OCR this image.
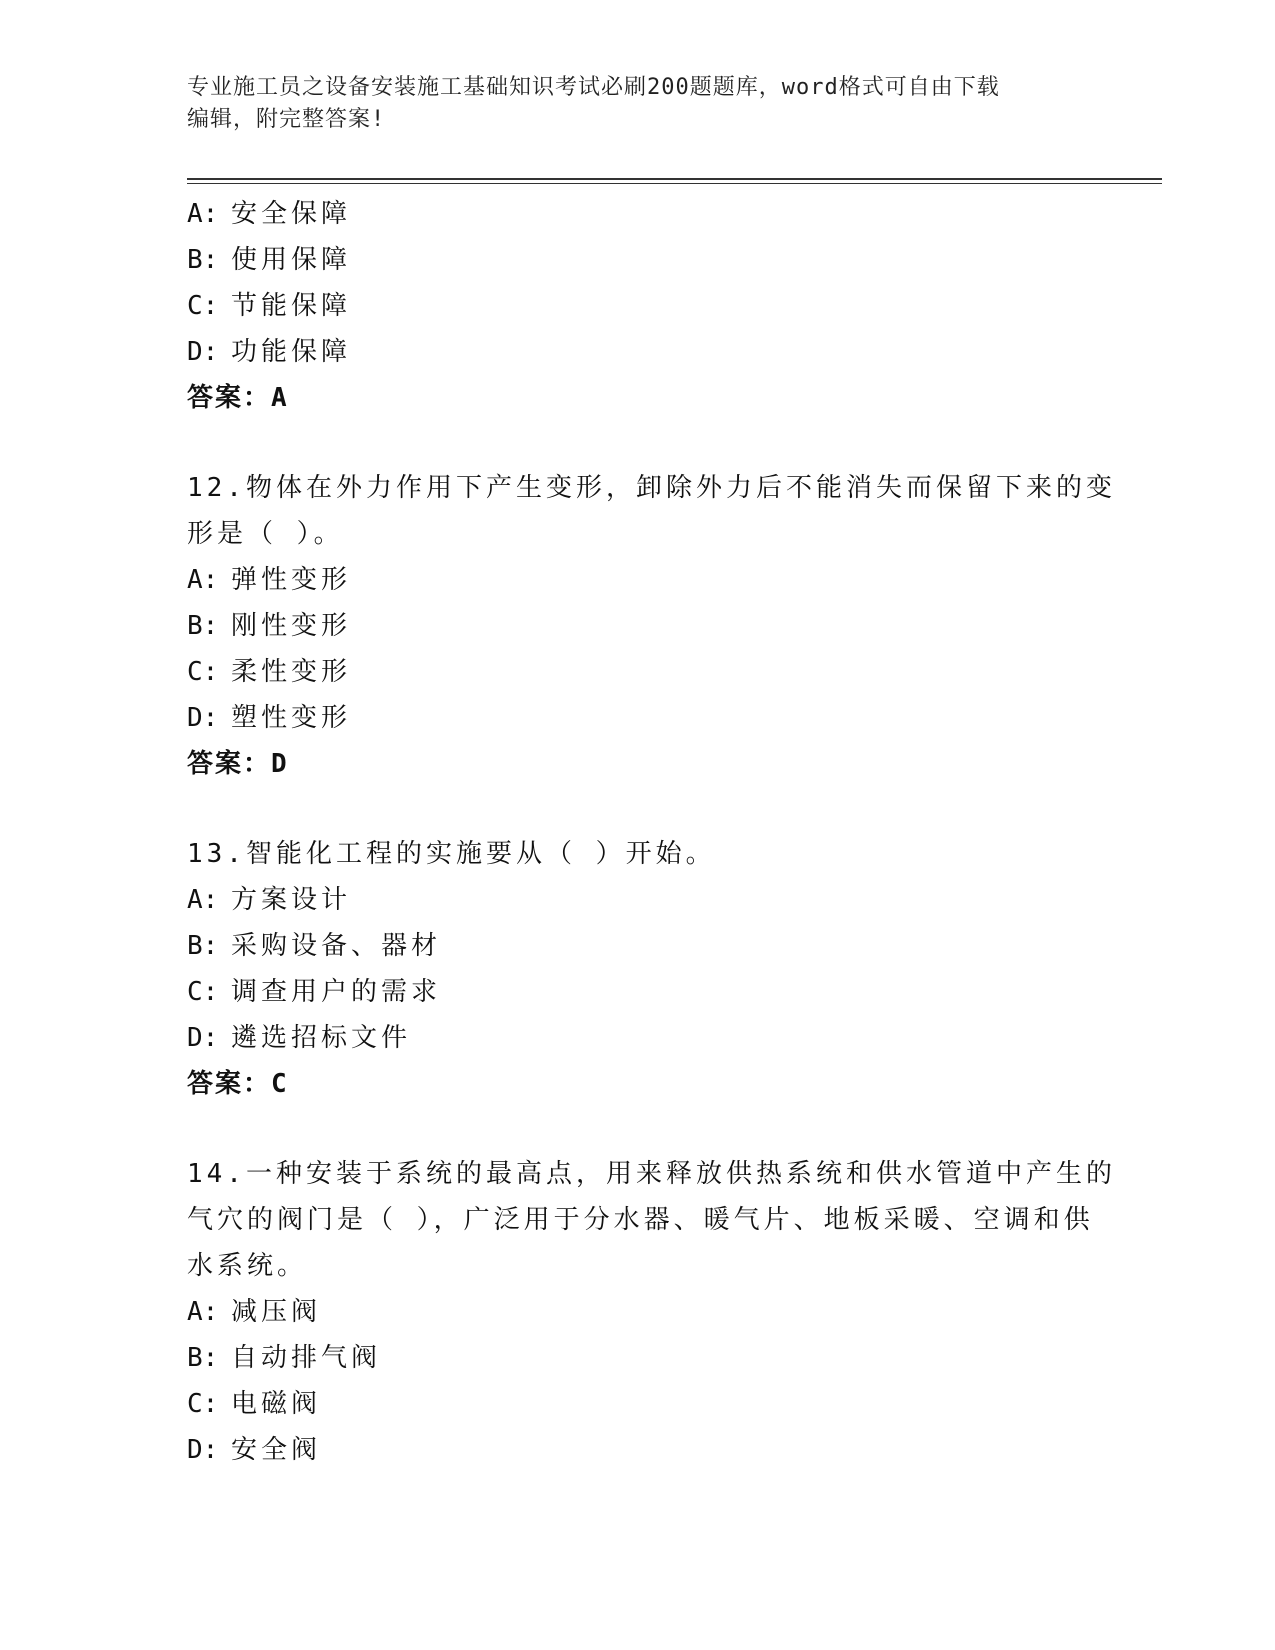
专业施工员之设备安装施工基础知识考试必刷200题题库，word格式可自由下载
编辑，附完整答案!
A: 安全保障
B: 使用保障
C: 节能保障
D: 功能保障
答案：A
12.物体在外力作用下产生变形，卸除外力后不能消失而保留下来的变
形是（ ）。
A: 弹性变形
B: 刚性变形
C: 柔性变形
D: 塑性变形
答案：D
13.智能化工程的实施要从（ ）开始。
A: 方案设计
B: 采购设备、器材
C: 调查用户的需求
D: 遴选招标文件
答案：C
14.一种安装于系统的最高点，用来释放供热系统和供水管道中产生的
气穴的阀门是（ ），广泛用于分水器、暖气片、地板采暖、空调和供
水系统。
A: 减压阀
B: 自动排气阀
C: 电磁阀
D: 安全阀
